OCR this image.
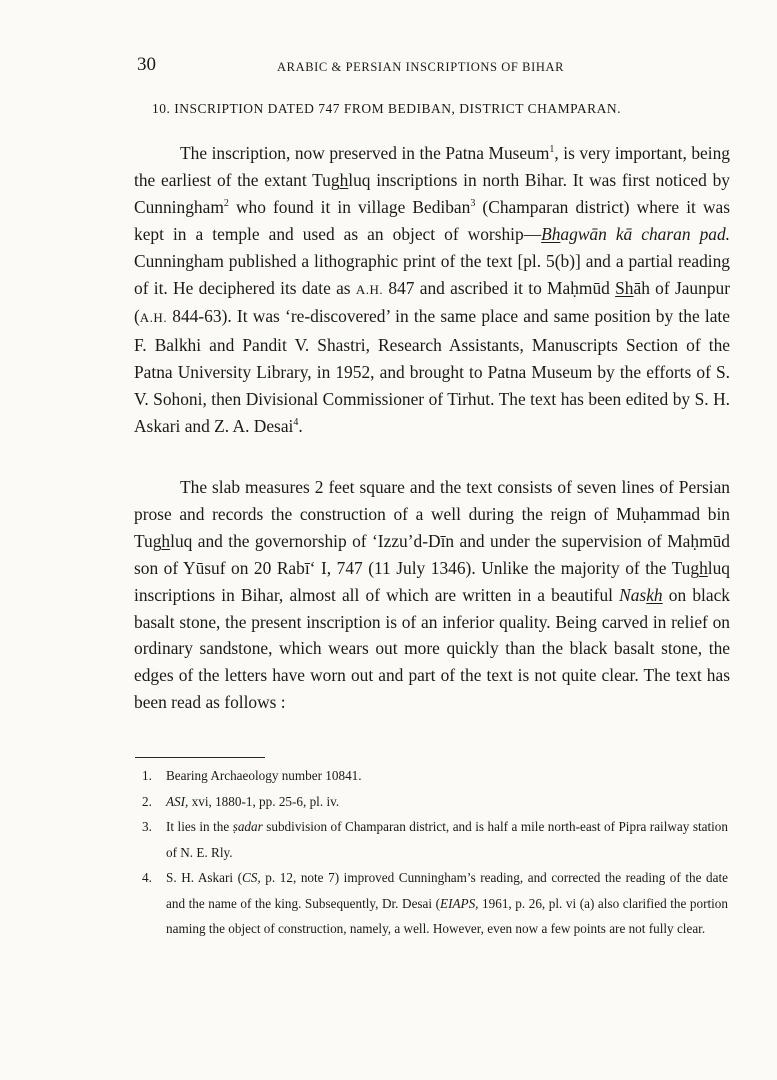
30	ARABIC & PERSIAN INSCRIPTIONS OF BIHAR
10. INSCRIPTION DATED 747 FROM BEDIBAN, DISTRICT CHAMPARAN.

The inscription, now preserved in the Patna Museum$^1$, is very important, being the earliest of the extant Tughluq inscriptions in north Bihar. It was first noticed by Cunningham$^2$ who found it in village Bediban$^3$ (Champaran district) where it was kept in a temple and used as an object of worship—Bhagwān kā charan pad. Cunningham published a lithographic print of the text [pl. 5(b)] and a partial reading of it. He deciphered its date as A.H. 847 and ascribed it to Maḥmūd Shāh of Jaunpur (A.H. 844-63). It was ‘re-discovered’ in the same place and same position by the late F. Balkhi and Pandit V. Shastri, Research Assistants, Manuscripts Section of the Patna University Library, in 1952, and brought to Patna Museum by the efforts of S. V. Sohoni, then Divisional Commissioner of Tirhut. The text has been edited by S. H. Askari and Z. A. Desai$^4$.

The slab measures 2 feet square and the text consists of seven lines of Persian prose and records the construction of a well during the reign of Muḥammad bin Tughluq and the governorship of ‘Izzu’d-Dīn and under the supervision of Maḥmūd son of Yūsuf on 20 Rabī‘ I, 747 (11 July 1346). Unlike the majority of the Tughluq inscriptions in Bihar, almost all of which are written in a beautiful Naskh on black basalt stone, the present inscription is of an inferior quality. Being carved in relief on ordinary sandstone, which wears out more quickly than the black basalt stone, the edges of the letters have worn out and part of the text is not quite clear. The text has been read as follows :

1. Bearing Archaeology number 10841.
2. ASI, xvi, 1880-1, pp. 25-6, pl. iv.
3. It lies in the ṣadar subdivision of Champaran district, and is half a mile north-east of Pipra railway station of N. E. Rly.
4. S. H. Askari (CS, p. 12, note 7) improved Cunningham’s reading, and corrected the reading of the date and the name of the king. Subsequently, Dr. Desai (EIAPS, 1961, p. 26, pl. vi (a) also clarified the portion naming the object of construction, namely, a well. However, even now a few points are not fully clear.
